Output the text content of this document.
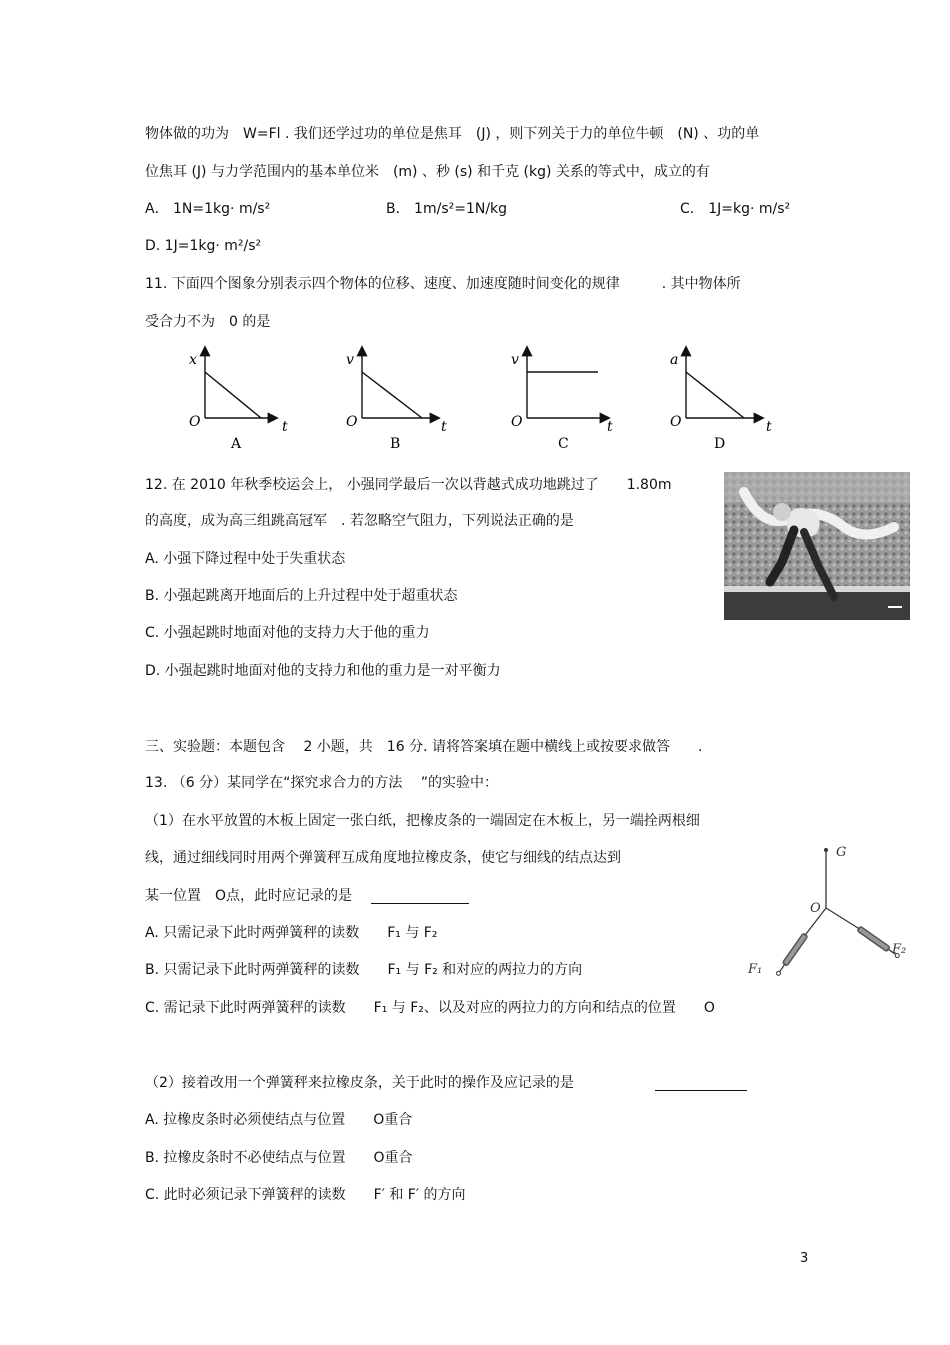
物体做的功为　W=Fl . 我们还学过功的单位是焦耳　(J) ，则下列关于力的单位牛顿　(N) 、功的单
位焦耳 (J) 与力学范围内的基本单位米　(m) 、秒 (s) 和千克 (kg) 关系的等式中，成立的有
A． 1N=1kg· m/s²	B． 1m/s²=1N/kg	C． 1J=kg· m/s²
D. 1J=1kg· m²/s²
11. 下面四个图象分别表示四个物体的位移、速度、加速度随时间变化的规律　　　. 其中物体所
受合力不为　0 的是
x
O	t
A
v
O	t
B
v
O	t
C
a
O	t
D
12. 在 2010 年秋季校运会上， 小强同学最后一次以背越式成功地跳过了　　1.80m
的高度，成为高三组跳高冠军　. 若忽略空气阻力，下列说法正确的是
A. 小强下降过程中处于失重状态
B. 小强起跳离开地面后的上升过程中处于超重状态
C. 小强起跳时地面对他的支持力大于他的重力
D. 小强起跳时地面对他的支持力和他的重力是一对平衡力
三、实验题：本题包含　 2 小题，共　16 分. 请将答案填在题中横线上或按要求做答　　.
13. （6 分）某同学在“探究求合力的方法　 ”的实验中：
（1）在水平放置的木板上固定一张白纸，把橡皮条的一端固定在木板上，另一端拴两根细
线，通过细线同时用两个弹簧秤互成角度地拉橡皮条，使它与细线的结点达到
某一位置　O点，此时应记录的是
A. 只需记录下此时两弹簧秤的读数　　F₁ 与 F₂
B. 只需记录下此时两弹簧秤的读数　　F₁ 与 F₂ 和对应的两拉力的方向
C. 需记录下此时两弹簧秤的读数　　F₁ 与 F₂、以及对应的两拉力的方向和结点的位置　　O
G
O
F₁
F₂
（2）接着改用一个弹簧秤来拉橡皮条，关于此时的操作及应记录的是
A. 拉橡皮条时必须使结点与位置　　O重合
B. 拉橡皮条时不必使结点与位置　　O重合
C. 此时必须记录下弹簧秤的读数　　F′ 和 F′ 的方向
3
